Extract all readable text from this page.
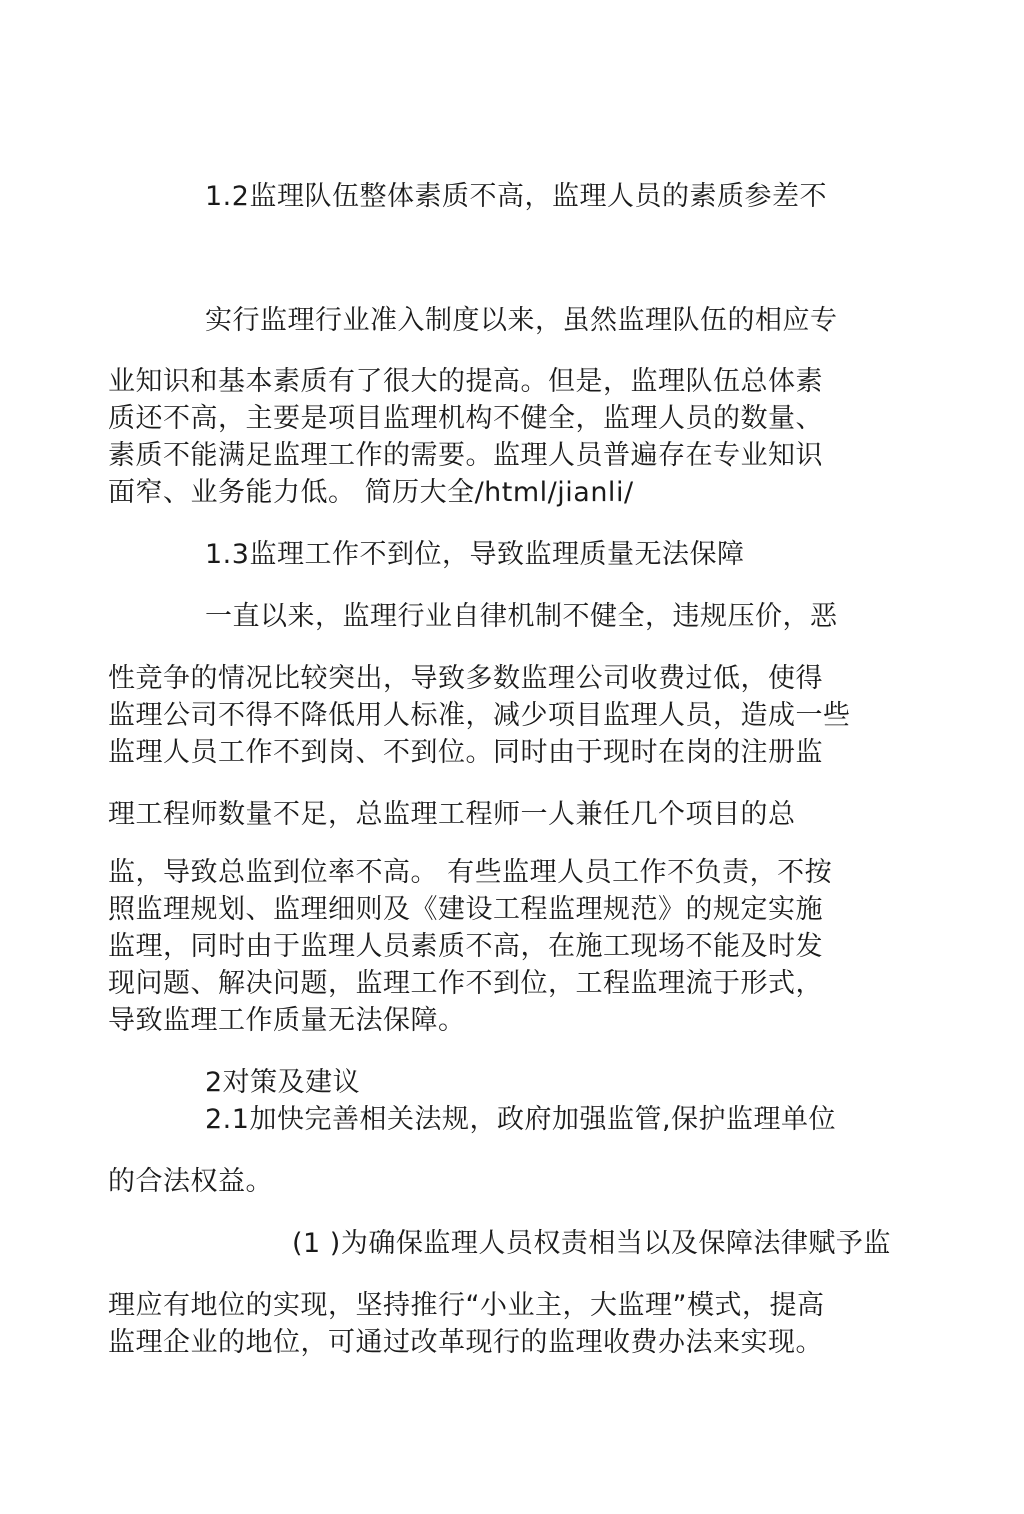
1.2监理队伍整体素质不高，监理人员的素质参差不

实行监理行业准入制度以来，虽然监理队伍的相应专

业知识和基本素质有了很大的提高。但是，监理队伍总体素

质还不高，主要是项目监理机构不健全，监理人员的数量、

素质不能满足监理工作的需要。监理人员普遍存在专业知识

面窄、业务能力低。 简历大全/html/jianli/

1.3监理工作不到位，导致监理质量无法保障

一直以来，监理行业自律机制不健全，违规压价，恶

性竞争的情况比较突出，导致多数监理公司收费过低，使得

监理公司不得不降低用人标准，减少项目监理人员，造成一些

监理人员工作不到岗、不到位。同时由于现时在岗的注册监

理工程师数量不足，总监理工程师一人兼任几个项目的总

监，导致总监到位率不高。 有些监理人员工作不负责，不按

照监理规划、监理细则及《建设工程监理规范》的规定实施

监理，同时由于监理人员素质不高，在施工现场不能及时发

现问题、解决问题，监理工作不到位，工程监理流于形式，

导致监理工作质量无法保障。

2对策及建议

2.1加快完善相关法规，政府加强监管,保护监理单位

的合法权益。

(1 )为确保监理人员权责相当以及保障法律赋予监

理应有地位的实现，坚持推行“小业主，大监理”模式，提高

监理企业的地位，可通过改革现行的监理收费办法来实现。
